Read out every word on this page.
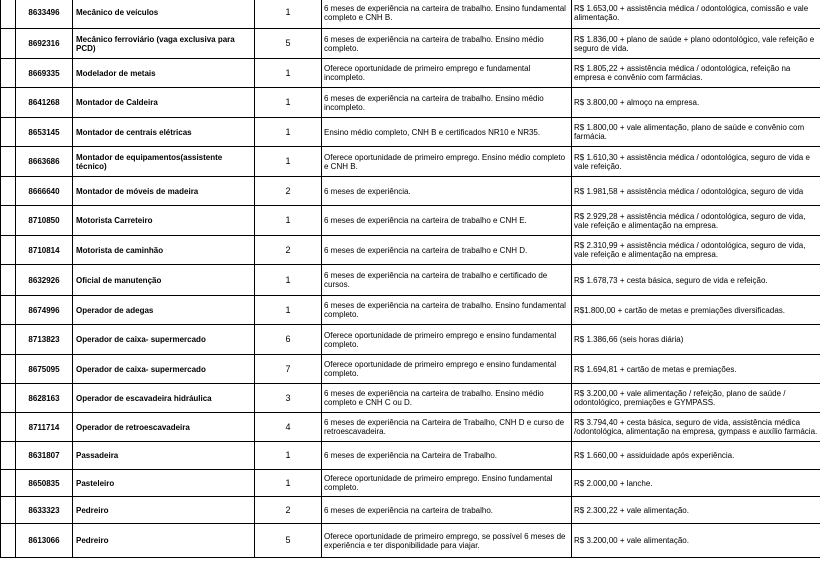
	8633496	Mecânico de veículos	1	6 meses de experiência na carteira de trabalho. Ensino fundamental completo e CNH B.	R$ 1.653,00 + assistência médica / odontológica, comissão e vale alimentação.
	8692316	Mecânico ferroviário (vaga exclusiva para PCD)	5	6 meses de experiência na carteira de trabalho. Ensino médio completo.	R$ 1.836,00 + plano de saúde + plano odontológico, vale refeição e seguro de vida.
	8669335	Modelador de metais	1	Oferece oportunidade de primeiro emprego e fundamental incompleto.	R$ 1.805,22 + assistência médica / odontológica, refeição na empresa e convênio com farmácias.
	8641268	Montador de Caldeira	1	6 meses de experiência na carteira de trabalho. Ensino médio incompleto.	R$ 3.800,00 + almoço na empresa.
	8653145	Montador de centrais elétricas	1	Ensino médio completo, CNH B e certificados NR10 e NR35.	R$ 1.800,00 + vale alimentação, plano de saúde e convênio com farmácia.
	8663686	Montador de equipamentos(assistente técnico)	1	Oferece oportunidade de primeiro emprego. Ensino médio completo e CNH B.	R$ 1.610,30 + assistência médica / odontológica, seguro de vida e vale refeição.
	8666640	Montador de móveis de madeira	2	6 meses de experiência.	R$ 1.981,58 + assistência médica / odontológica, seguro de vida
	8710850	Motorista Carreteiro	1	6 meses de experiência na carteira de trabalho e CNH E.	R$ 2.929,28 + assistência médica / odontológica, seguro de vida, vale refeição e alimentação na empresa.
	8710814	Motorista de caminhão	2	6 meses de experiência na carteira de trabalho e CNH D.	R$ 2.310,99 + assistência médica / odontológica, seguro de vida, vale refeição e alimentação na empresa.
	8632926	Oficial de manutenção	1	6 meses de experiência na carteira de trabalho e certificado de cursos.	R$ 1.678,73 + cesta básica, seguro de vida e refeição.
	8674996	Operador de adegas	1	6 meses de experiência na carteira de trabalho. Ensino fundamental completo.	R$1.800,00 + cartão de metas e premiações diversificadas.
	8713823	Operador de caixa- supermercado	6	Oferece oportunidade de primeiro emprego e ensino fundamental completo.	R$ 1.386,66 (seis horas diária)
	8675095	Operador de caixa- supermercado	7	Oferece oportunidade de primeiro emprego e ensino fundamental completo.	R$ 1.694,81 + cartão de metas e premiações.
	8628163	Operador de escavadeira hidráulica	3	6 meses de experiência na carteira de trabalho. Ensino médio completo e CNH C ou D.	R$ 3.200,00 + vale alimentação / refeição, plano de saúde / odontológico, premiações e GYMPASS.
	8711714	Operador de retroescavadeira	4	6 meses de experiência na Carteira de Trabalho, CNH D e curso de retroescavadeira.	R$ 3.794,40 + cesta básica, seguro de vida, assistência médica /odontológica, alimentação na empresa, gympass e auxílio farmácia.
	8631807	Passadeira	1	6 meses de experiência na Carteira de Trabalho.	R$ 1.660,00 + assiduidade após experiência.
	8650835	Pasteleiro	1	Oferece oportunidade de primeiro emprego. Ensino fundamental completo.	R$ 2.000,00 + lanche.
	8633323	Pedreiro	2	6 meses de experiência na carteira de trabalho.	R$ 2.300,22 + vale alimentação.
	8613066	Pedreiro	5	Oferece oportunidade de primeiro emprego, se possível 6 meses de experiência e ter disponibilidade para viajar.	R$ 3.200,00 + vale alimentação.
